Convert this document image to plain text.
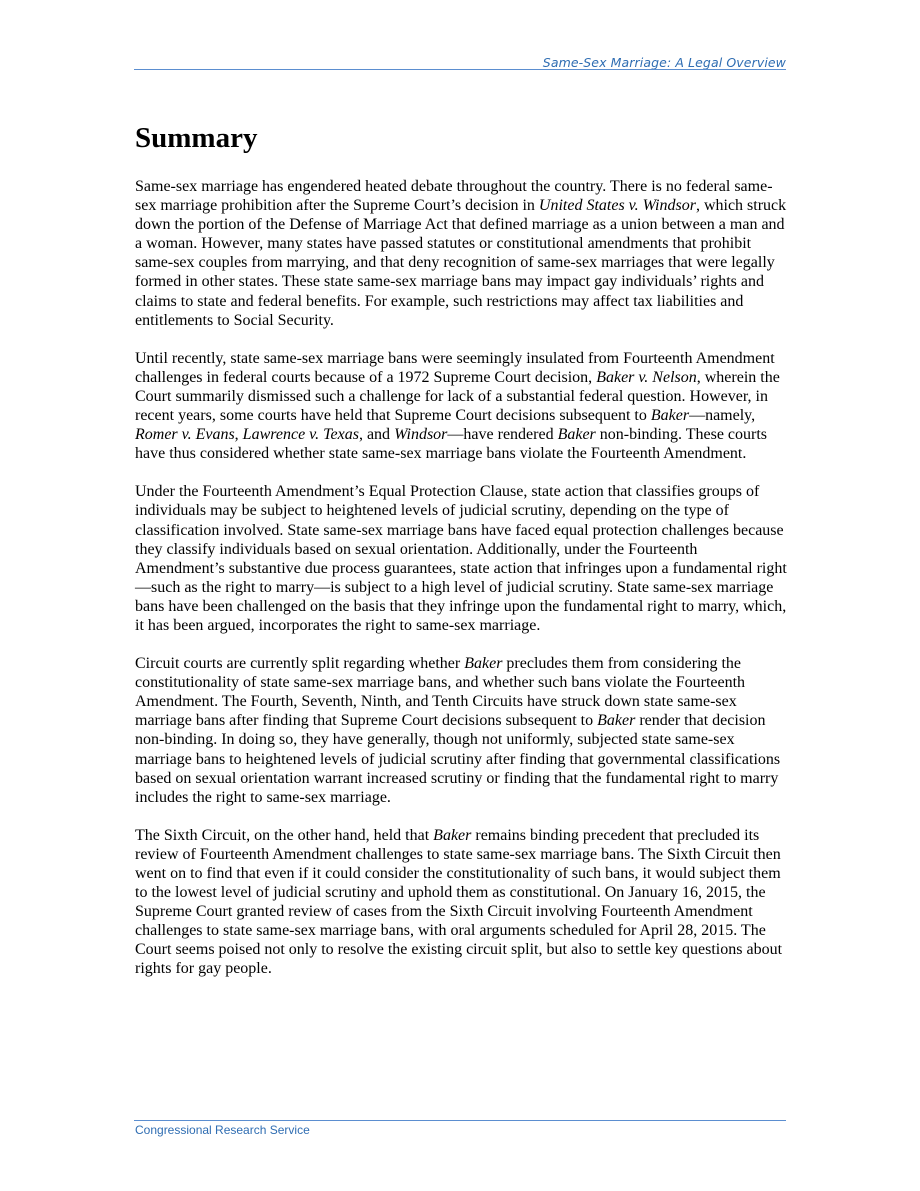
Same-Sex Marriage: A Legal Overview
Summary

Same-sex marriage has engendered heated debate throughout the country. There is no federal same-sex marriage prohibition after the Supreme Court’s decision in United States v. Windsor, which struck down the portion of the Defense of Marriage Act that defined marriage as a union between a man and a woman. However, many states have passed statutes or constitutional amendments that prohibit same-sex couples from marrying, and that deny recognition of same-sex marriages that were legally formed in other states. These state same-sex marriage bans may impact gay individuals’ rights and claims to state and federal benefits. For example, such restrictions may affect tax liabilities and entitlements to Social Security.

Until recently, state same-sex marriage bans were seemingly insulated from Fourteenth Amendment challenges in federal courts because of a 1972 Supreme Court decision, Baker v. Nelson, wherein the Court summarily dismissed such a challenge for lack of a substantial federal question. However, in recent years, some courts have held that Supreme Court decisions subsequent to Baker—namely, Romer v. Evans, Lawrence v. Texas, and Windsor—have rendered Baker non-binding. These courts have thus considered whether state same-sex marriage bans violate the Fourteenth Amendment.

Under the Fourteenth Amendment’s Equal Protection Clause, state action that classifies groups of individuals may be subject to heightened levels of judicial scrutiny, depending on the type of classification involved. State same-sex marriage bans have faced equal protection challenges because they classify individuals based on sexual orientation. Additionally, under the Fourteenth Amendment’s substantive due process guarantees, state action that infringes upon a fundamental right—such as the right to marry—is subject to a high level of judicial scrutiny. State same-sex marriage bans have been challenged on the basis that they infringe upon the fundamental right to marry, which, it has been argued, incorporates the right to same-sex marriage.

Circuit courts are currently split regarding whether Baker precludes them from considering the constitutionality of state same-sex marriage bans, and whether such bans violate the Fourteenth Amendment. The Fourth, Seventh, Ninth, and Tenth Circuits have struck down state same-sex marriage bans after finding that Supreme Court decisions subsequent to Baker render that decision non-binding. In doing so, they have generally, though not uniformly, subjected state same-sex marriage bans to heightened levels of judicial scrutiny after finding that governmental classifications based on sexual orientation warrant increased scrutiny or finding that the fundamental right to marry includes the right to same-sex marriage.

The Sixth Circuit, on the other hand, held that Baker remains binding precedent that precluded its review of Fourteenth Amendment challenges to state same-sex marriage bans. The Sixth Circuit then went on to find that even if it could consider the constitutionality of such bans, it would subject them to the lowest level of judicial scrutiny and uphold them as constitutional. On January 16, 2015, the Supreme Court granted review of cases from the Sixth Circuit involving Fourteenth Amendment challenges to state same-sex marriage bans, with oral arguments scheduled for April 28, 2015. The Court seems poised not only to resolve the existing circuit split, but also to settle key questions about rights for gay people.

Congressional Research Service
